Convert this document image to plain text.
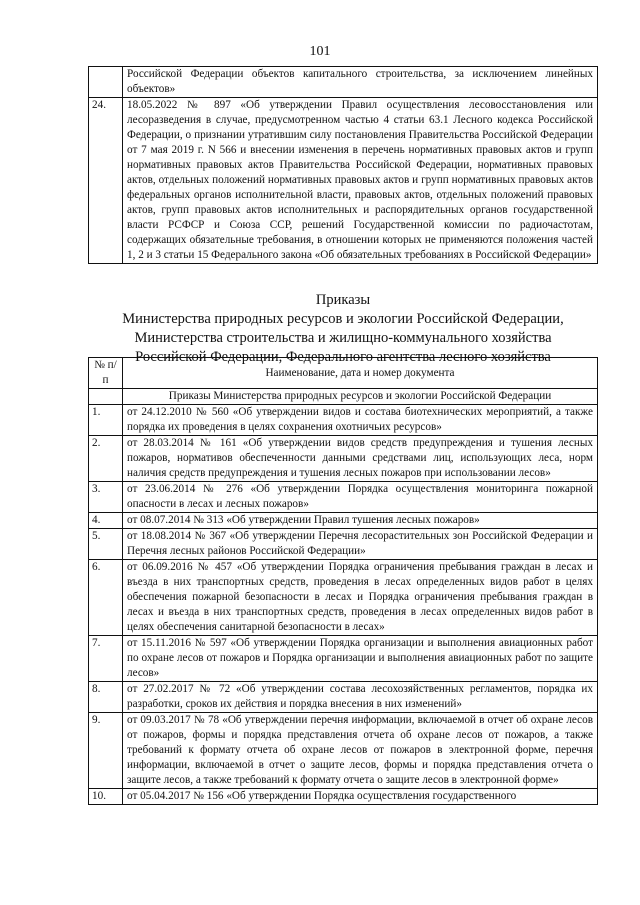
101
	Российской Федерации объектов капитального строительства, за исключением линейных объектов»
24.	18.05.2022 № 897 «Об утверждении Правил осуществления лесовосстановления или лесоразведения в случае, предусмотренном частью 4 статьи 63.1 Лесного кодекса Российской Федерации, о признании утратившим силу постановления Правительства Российской Федерации от 7 мая 2019 г. N 566 и внесении изменения в перечень нормативных правовых актов и групп нормативных правовых актов Правительства Российской Федерации, нормативных правовых актов, отдельных положений нормативных правовых актов и групп нормативных правовых актов федеральных органов исполнительной власти, правовых актов, отдельных положений правовых актов, групп правовых актов исполнительных и распорядительных органов государственной власти РСФСР и Союза ССР, решений Государственной комиссии по радиочастотам, содержащих обязательные требования, в отношении которых не применяются положения частей 1, 2 и 3 статьи 15 Федерального закона «Об обязательных требованиях в Российской Федерации»
Приказы
Министерства природных ресурсов и экологии Российской Федерации,
Министерства строительства и жилищно-коммунального хозяйства
Российской Федерации, Федерального агентства лесного хозяйства
№ п/п	Наименование, дата и номер документа
	Приказы Министерства природных ресурсов и экологии Российской Федерации
1.	от 24.12.2010 № 560 «Об утверждении видов и состава биотехнических мероприятий, а также порядка их проведения в целях сохранения охотничьих ресурсов»
2.	от 28.03.2014 № 161 «Об утверждении видов средств предупреждения и тушения лесных пожаров, нормативов обеспеченности данными средствами лиц, использующих леса, норм наличия средств предупреждения и тушения лесных пожаров при использовании лесов»
3.	от 23.06.2014 № 276 «Об утверждении Порядка осуществления мониторинга пожарной опасности в лесах и лесных пожаров»
4.	от 08.07.2014 № 313 «Об утверждении Правил тушения лесных пожаров»
5.	от 18.08.2014 № 367 «Об утверждении Перечня лесорастительных зон Российской Федерации и Перечня лесных районов Российской Федерации»
6.	от 06.09.2016 № 457 «Об утверждении Порядка ограничения пребывания граждан в лесах и въезда в них транспортных средств, проведения в лесах определенных видов работ в целях обеспечения пожарной безопасности в лесах и Порядка ограничения пребывания граждан в лесах и въезда в них транспортных средств, проведения в лесах определенных видов работ в целях обеспечения санитарной безопасности в лесах»
7.	от 15.11.2016 № 597 «Об утверждении Порядка организации и выполнения авиационных работ по охране лесов от пожаров и Порядка организации и выполнения авиационных работ по защите лесов»
8.	от 27.02.2017 № 72 «Об утверждении состава лесохозяйственных регламентов, порядка их разработки, сроков их действия и порядка внесения в них изменений»
9.	от 09.03.2017 № 78 «Об утверждении перечня информации, включаемой в отчет об охране лесов от пожаров, формы и порядка представления отчета об охране лесов от пожаров, а также требований к формату отчета об охране лесов от пожаров в электронной форме, перечня информации, включаемой в отчет о защите лесов, формы и порядка представления отчета о защите лесов, а также требований к формату отчета о защите лесов в электронной форме»
10.	от 05.04.2017 № 156 «Об утверждении Порядка осуществления государственного
